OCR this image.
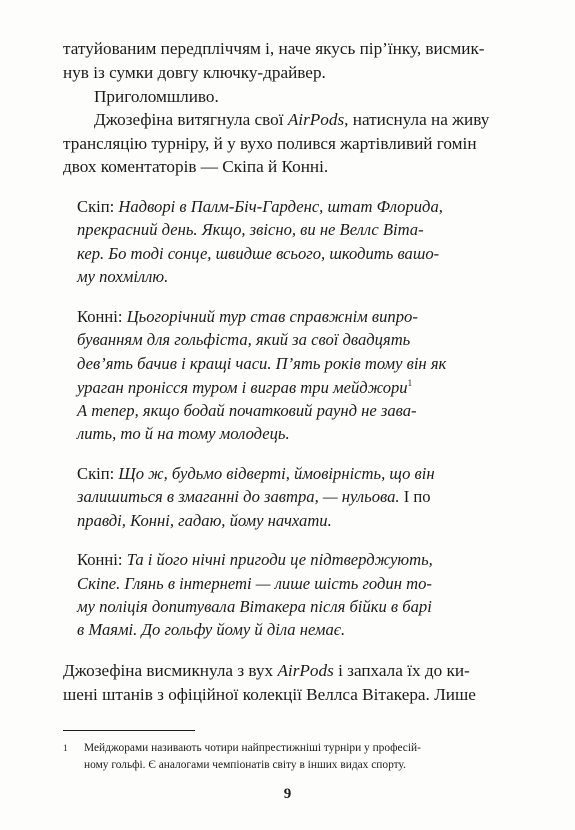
татуйованим передпліччям і, наче якусь пір’їнку, висмик-
нув із сумки довгу ключку-драйвер.
Приголомшливо.
Джозефіна витягнула свої AirPods, натиснула на живу
трансляцію турніру, й у вухо полився жартівливий гомін
двох коментаторів — Скіпа й Конні.
Скіп: Надворі в Палм-Біч-Гарденс, штат Флорида,
прекрасний день. Якщо, звісно, ви не Веллс Віта-
кер. Бо тоді сонце, швидше всього, шкодить вашо-
му похміллю.
Конні: Цьогорічний тур став справжнім випро-
буванням для гольфіста, який за свої двадцять
дев’ять бачив і кращі часи. П’ять років тому він як
ураган пронісся туром і виграв три мейджори$^1$
А тепер, якщо бодай початковий раунд не зава-
лить, то й на тому молодець.
Скіп: Що ж, будьмо відверті, ймовірність, що він
залишиться в змаганні до завтра, — нульова. І по
правді, Конні, гадаю, йому начхати.
Конні: Та і його нічні пригоди це підтверджують,
Скіпе. Глянь в інтернеті — лише шість годин то-
му поліція допитувала Вітакера після бійки в барі
в Маямі. До гольфу йому й діла немає.
Джозефіна висмикнула з вух AirPods і запхала їх до ки-
шені штанів з офіційної колекції Веллса Вітакера. Лише
1 Мейджорами називають чотири найпрестижніші турніри у професій-
ному гольфі. Є аналогами чемпіонатів світу в інших видах спорту.
9
